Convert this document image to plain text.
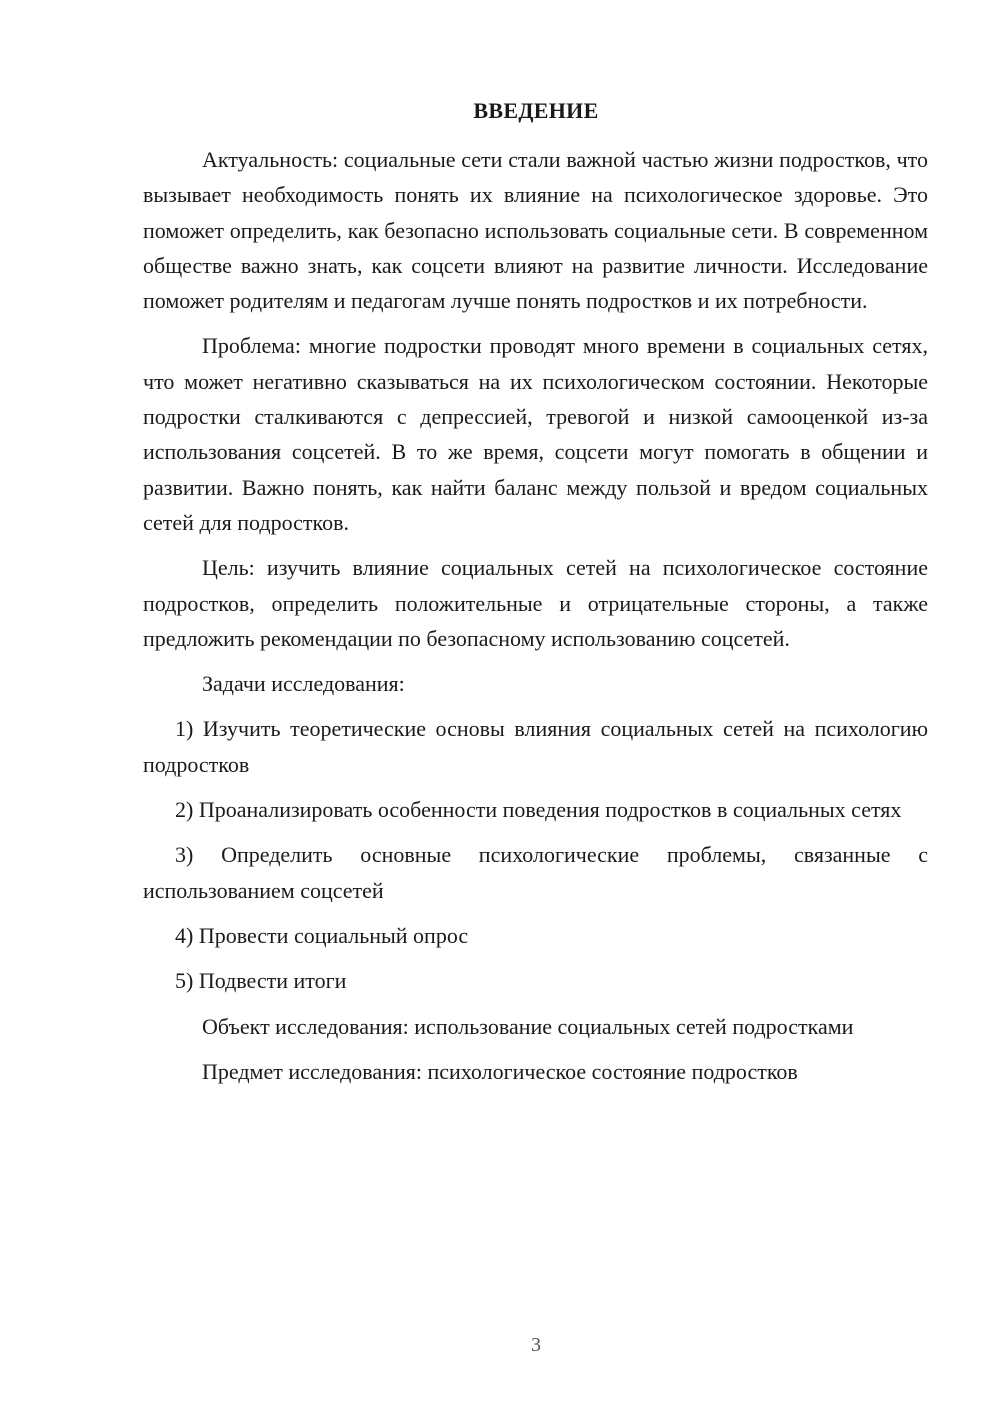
ВВЕДЕНИЕ

Актуальность: социальные сети стали важной частью жизни подростков, что вызывает необходимость понять их влияние на психологическое здоровье. Это поможет определить, как безопасно использовать социальные сети. В современном обществе важно знать, как соцсети влияют на развитие личности. Исследование поможет родителям и педагогам лучше понять подростков и их потребности.

Проблема: многие подростки проводят много времени в социальных сетях, что может негативно сказываться на их психологическом состоянии. Некоторые подростки сталкиваются с депрессией, тревогой и низкой самооценкой из-за использования соцсетей. В то же время, соцсети могут помогать в общении и развитии. Важно понять, как найти баланс между пользой и вредом социальных сетей для подростков.

Цель: изучить влияние социальных сетей на психологическое состояние подростков, определить положительные и отрицательные стороны, а также предложить рекомендации по безопасному использованию соцсетей.

Задачи исследования:

1) Изучить теоретические основы влияния социальных сетей на психологию подростков

2) Проанализировать особенности поведения подростков в социальных сетях

3) Определить основные психологические проблемы, связанные с использованием соцсетей

4) Провести социальный опрос

5) Подвести итоги

Объект исследования: использование социальных сетей подростками

Предмет исследования: психологическое состояние подростков

3
